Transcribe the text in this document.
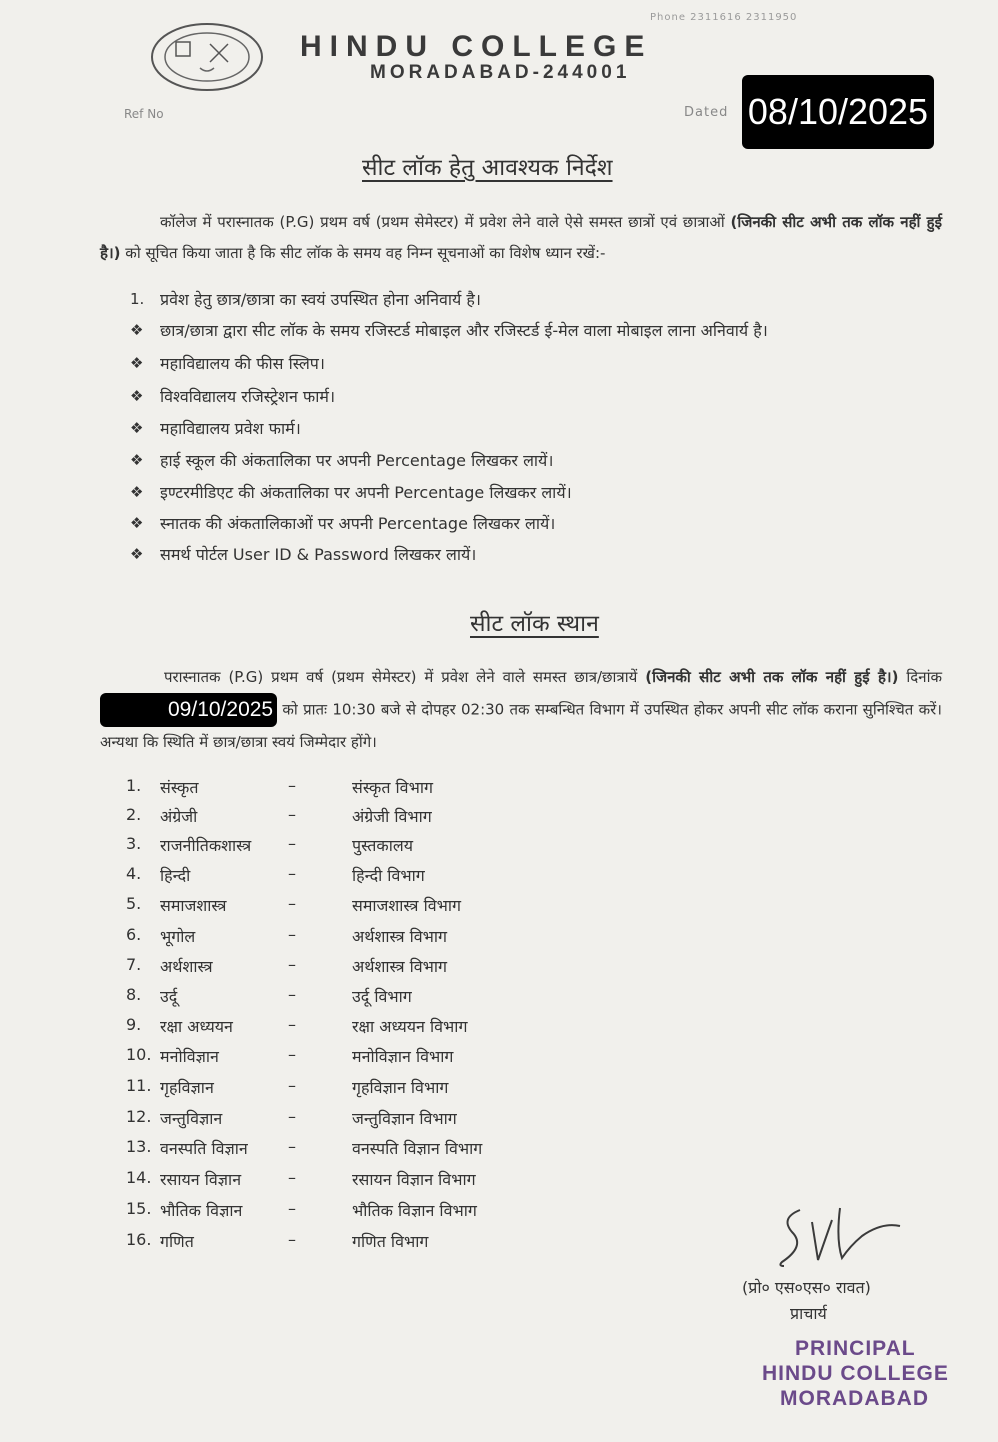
Phone 2311616 2311950
HINDU COLLEGE
MORADABAD-244001
Ref No	Dated 08/10/2025
सीट लॉक हेतु आवश्यक निर्देश
कॉलेज में परास्नातक (P.G) प्रथम वर्ष (प्रथम सेमेस्टर) में प्रवेश लेने वाले ऐसे समस्त छात्रों एवं छात्राओं (जिनकी सीट अभी तक लॉक नहीं हुई है।) को सूचित किया जाता है कि सीट लॉक के समय वह निम्न सूचनाओं का विशेष ध्यान रखें:-
1. प्रवेश हेतु छात्र/छात्रा का स्वयं उपस्थित होना अनिवार्य है।
❖	छात्र/छात्रा द्वारा सीट लॉक के समय रजिस्टर्ड मोबाइल और रजिस्टर्ड ई-मेल वाला मोबाइल लाना अनिवार्य है।
❖	महाविद्यालय की फीस स्लिप।
❖	विश्वविद्यालय रजिस्ट्रेशन फार्म।
❖	महाविद्यालय प्रवेश फार्म।
❖	हाई स्कूल की अंकतालिका पर अपनी Percentage लिखकर लायें।
❖	इण्टरमीडिएट की अंकतालिका पर अपनी Percentage लिखकर लायें।
❖	स्नातक की अंकतालिकाओं पर अपनी Percentage लिखकर लायें।
❖	समर्थ पोर्टल User ID & Password लिखकर लायें।
सीट लॉक स्थान
परास्नातक (P.G) प्रथम वर्ष (प्रथम सेमेस्टर) में प्रवेश लेने वाले समस्त छात्र/छात्रायें (जिनकी सीट अभी तक लॉक नहीं हुई है।) दिनांक 09/10/2025 को प्रातः 10:30 बजे से दोपहर 02:30 तक सम्बन्धित विभाग में उपस्थित होकर अपनी सीट लॉक कराना सुनिश्चित करें। अन्यथा कि स्थिति में छात्र/छात्रा स्वयं जिम्मेदार होंगे।
1.	संस्कृत	–	संस्कृत विभाग
2.	अंग्रेजी	–	अंग्रेजी विभाग
3.	राजनीतिकशास्त्र –	पुस्तकालय
4.	हिन्दी	–	हिन्दी विभाग
5.	समाजशास्त्र	–	समाजशास्त्र विभाग
6.	भूगोल	–	अर्थशास्त्र विभाग
7.	अर्थशास्त्र	–	अर्थशास्त्र विभाग
8.	उर्दू	–	उर्दू विभाग
9.	रक्षा अध्ययन	–	रक्षा अध्ययन विभाग
10. मनोविज्ञान	–	मनोविज्ञान विभाग
11. गृहविज्ञान	–	गृहविज्ञान विभाग
12. जन्तुविज्ञान	–	जन्तुविज्ञान विभाग
13. वनस्पति विज्ञान	–	वनस्पति विज्ञान विभाग
14. रसायन विज्ञान	–	रसायन विज्ञान विभाग
15. भौतिक विज्ञान	–	भौतिक विज्ञान विभाग
16. गणित	–	गणित विभाग
(प्रो० एस०एस० रावत)
प्राचार्य
PRINCIPAL
HINDU COLLEGE
MORADABAD
